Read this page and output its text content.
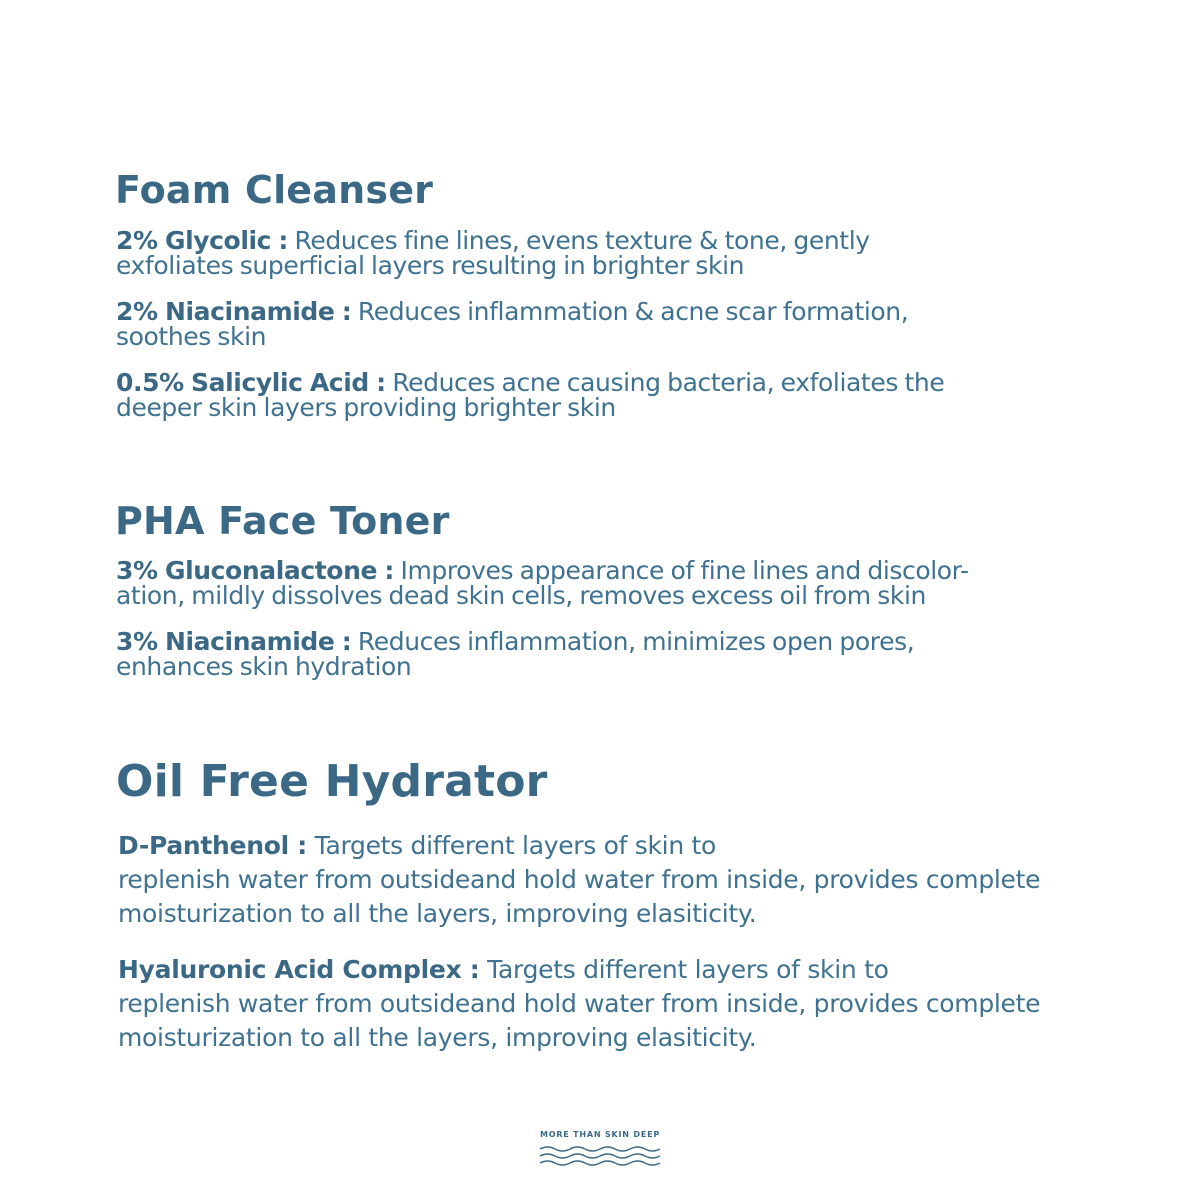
Foam Cleanser

2% Glycolic : Reduces fine lines, evens texture & tone, gently
exfoliates superficial layers resulting in brighter skin

2% Niacinamide : Reduces inflammation & acne scar formation,
soothes skin

0.5% Salicylic Acid : Reduces acne causing bacteria, exfoliates the
deeper skin layers providing brighter skin

PHA Face Toner

3% Gluconalactone : Improves appearance of fine lines and discolor-
ation, mildly dissolves dead skin cells, removes excess oil from skin

3% Niacinamide : Reduces inflammation, minimizes open pores,
enhances skin hydration

Oil Free Hydrator

D-Panthenol : Targets different layers of skin to
replenish water from outsideand hold water from inside, provides complete
moisturization to all the layers, improving elasiticity.

Hyaluronic Acid Complex : Targets different layers of skin to
replenish water from outsideand hold water from inside, provides complete
moisturization to all the layers, improving elasiticity.

MORE THAN SKIN DEEP
